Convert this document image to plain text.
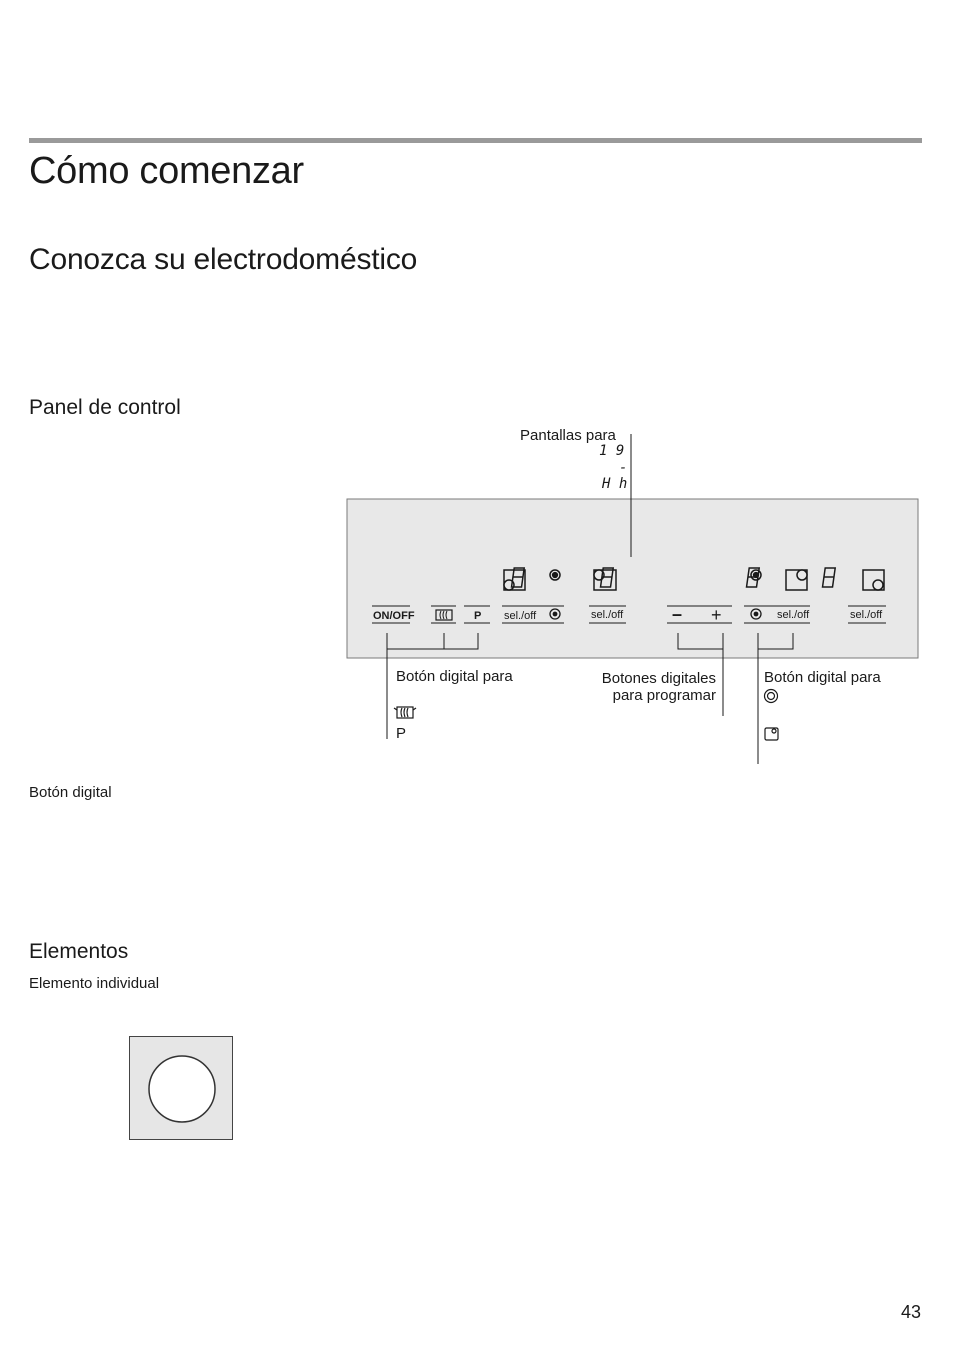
Cómo comenzar
Conozca su electrodoméstico
Panel de control
Botón digital
ON/OFF	P sel./off	sel./off	– +	sel./off	sel./off
1 9
-
H h
Pantallas para
Botón digital para
P
Botones digitales
para programar
Botón digital para
Elementos
Elemento individual
43
